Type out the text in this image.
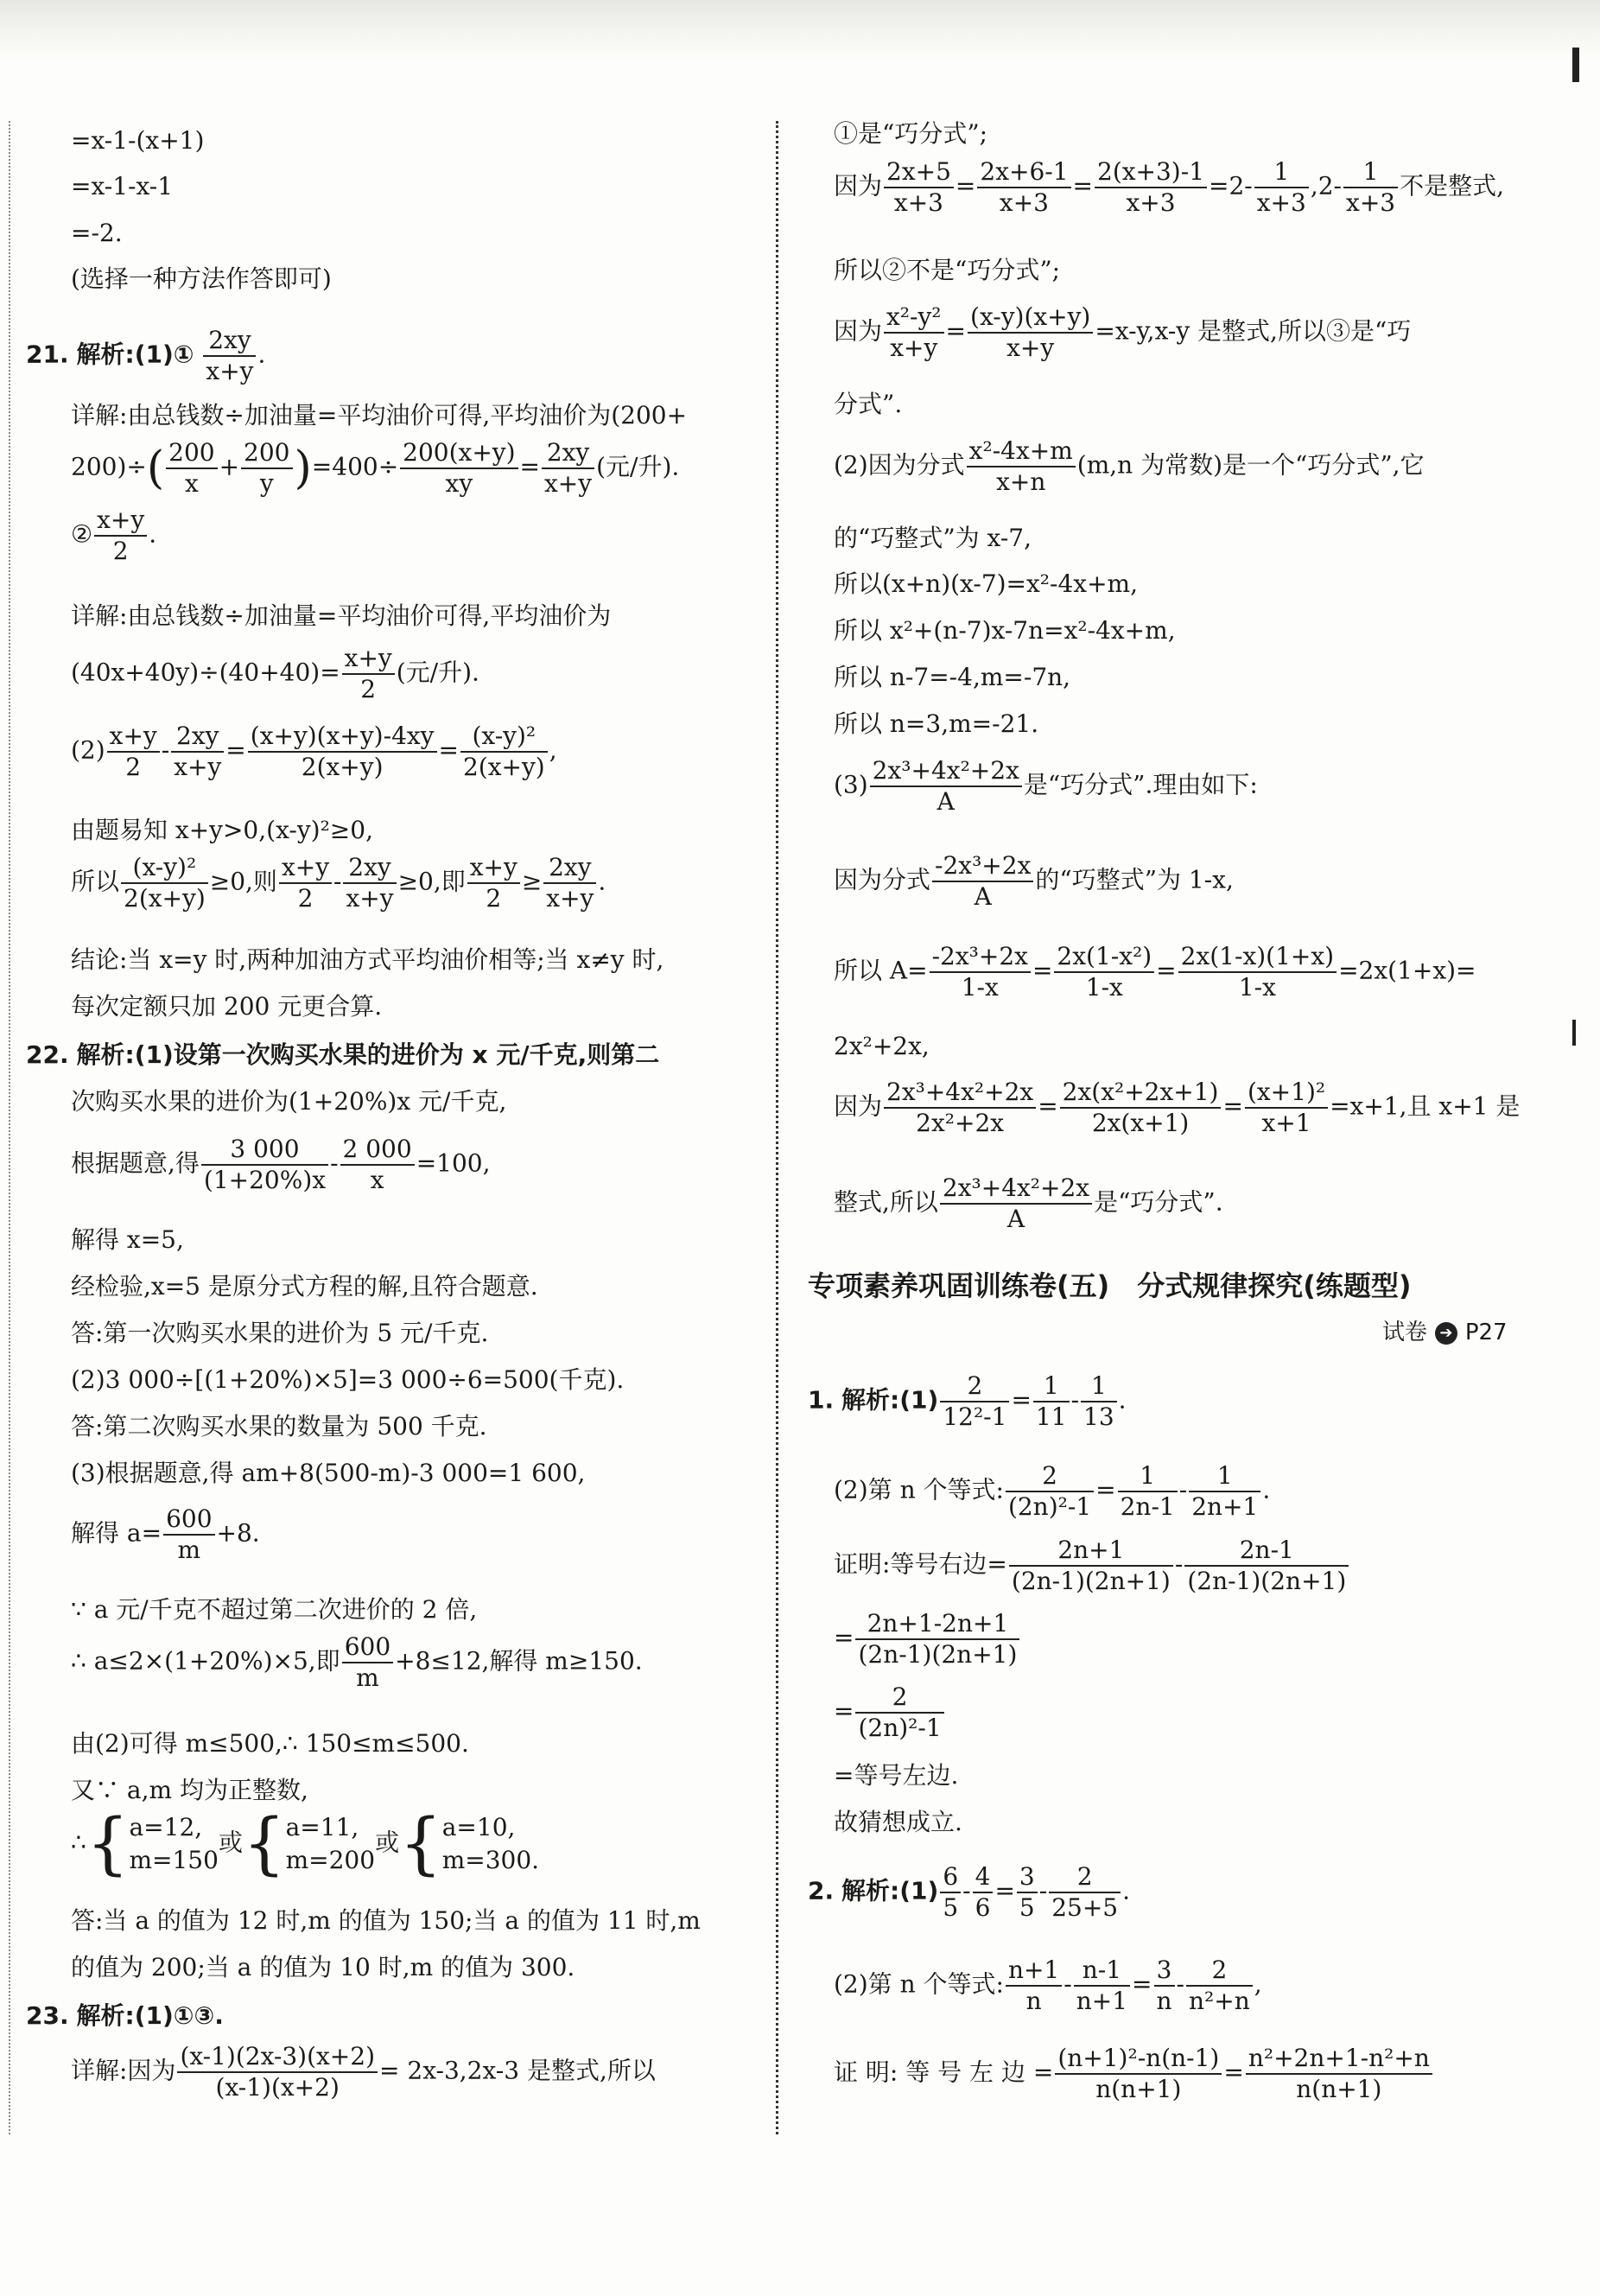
=x-1-(x+1)
=x-1-x-1
=-2.
(选择一种方法作答即可)
21. 解析:(1)① $\frac{2xy}{x+y}$ .
详解:由总钱数÷加油量=平均油价可得,平均油价为(200+
$200)\div( \frac{200}{x} + \frac{200}{y} )=400\div \frac{200(x+y)}{xy} = \frac{2xy}{x+y}$ (元/升).
② $\frac{x+y}{2}$ .
详解:由总钱数÷加油量=平均油价可得,平均油价为
$(40x+40y)\div(40+40)= \frac{x+y}{2}$ (元/升).
$(2) \frac{x+y}{2} - \frac{2xy}{x+y} = \frac{(x+y)(x+y)-4xy}{2(x+y)} = \frac{\text{(x-y)²}}{2(x+y)}$ ,
由题易知 x+y>0,(x-y)²≥0,
所以 $\frac{\text{(x-y)²}}{2(x+y)} \ge 0$,则 $\frac{x+y}{2} - \frac{2xy}{x+y} \ge 0$,即 $\frac{x+y}{2} \ge \frac{2xy}{x+y}$ .
结论:当 x=y 时,两种加油方式平均油价相等;当 x≠y 时,
每次定额只加 200 元更合算.
22. 解析:(1)设第一次购买水果的进价为 x 元/千克,则第二
次购买水果的进价为(1+20%)x 元/千克,
根据题意,得 $\frac{3 000}{(1+20\%)x} - \frac{2 000}{x} =100$,
解得 x=5,
经检验,x=5 是原分式方程的解,且符合题意.
答:第一次购买水果的进价为 5 元/千克.
(2)3 000÷[(1+20%)×5]=3 000÷6=500(千克).
答:第二次购买水果的数量为 500 千克.
(3)根据题意,得 am+8(500-m)-3 000=1 600,
解得 $a= \frac{600}{m} +8$.
∵ a 元/千克不超过第二次进价的 2 倍,
∴ a≤2×(1+20%)×5,即 $\frac{600}{m} +8\le 12$,解得 m≥150.
由(2)可得 m≤500,∴ 150≤m≤500.
又∵ a,m 均为正整数,
∴{ a=12,
m=150
或{ a=11,
m=200
或{ a=10,
m=300.
答:当 a 的值为 12 时,m 的值为 150;当 a 的值为 11 时,m
的值为 200;当 a 的值为 10 时,m 的值为 300.
23. 解析:(1)①③.
详解:因为 $\frac{(x-1)(2x-3)(x+2)}{(x-1)(x+2)} = 2x-3,2x-3$ 是整式,所以
①是“巧分式”;
因为 $\frac{2x+5}{x+3} = \frac{2x+6-1}{x+3} = \frac{2(x+3)-1}{x+3} =2- \frac{1}{x+3} ,2- \frac{1}{x+3}$ 不是整式,
所以②不是“巧分式”;
因为 $\frac{\text{x²-y²}}{x+y} = \frac{(x-y)(x+y)}{x+y} =x-y,x-y$ 是整式,所以③是“巧
分式”.
(2)因为分式 $\frac{\text{x²-4x+m}}{x+n} (m,n$ 为常数)是一个“巧分式”,它
的“巧整式”为 x-7,
所以(x+n)(x-7)=x²-4x+m,
所以 x²+(n-7)x-7n=x²-4x+m,
所以 n-7=-4,m=-7n,
所以 n=3,m=-21.
$(3) \frac{\text{2x³+4x²+2x}}{A}$ 是“巧分式”.理由如下:
因为分式 $\frac{\text{-2x³+2x}}{A}$ 的“巧整式”为 1-x,
所以 $A= \frac{\text{-2x³+2x}}{1-x} = \frac{\text{2x(1-x²)}}{1-x} = \frac{2x(1-x)(1+x)}{1-x} =2x(1+x)=$
2x²+2x,
因为 $\frac{\text{2x³+4x²+2x}}{\text{2x²+2x}} = \frac{\text{2x(x²+2x+1)}}{2x(x+1)} = \frac{\text{(x+1)²}}{x+1} =x+1$,且 x+1 是
整式,所以 $\frac{\text{2x³+4x²+2x}}{A}$ 是“巧分式”.
专项素养巩固训练卷(五)　分式规律探究(练题型)
试卷 ➔ P27
1. 解析:(1) $\frac{2}{\text{12²-1}} = \frac{1}{11} - \frac{1}{13}$ .
(2)第 n 个等式: $\frac{2}{\text{(2n)²-1}} = \frac{1}{2n-1} - \frac{1}{2n+1}$ .
证明:等号右边= $\frac{2n+1}{(2n-1)(2n+1)} - \frac{2n-1}{(2n-1)(2n+1)}$
= $\frac{2n+1-2n+1}{(2n-1)(2n+1)}$
= $\frac{2}{\text{(2n)²-1}}$
=等号左边.
故猜想成立.
2. 解析:(1) $\frac{6}{5} - \frac{4}{6} = \frac{3}{5} - \frac{2}{25+5}$ .
(2)第 n 个等式: $\frac{n+1}{n} - \frac{n-1}{n+1} = \frac{3}{n} - \frac{2}{\text{n²+n}}$ ,
证 明: 等 号 左 边 = $\frac{\text{(n+1)²-n(n-1)}}{n(n+1)} = \frac{\text{n²+2n+1-n²+n}}{n(n+1)}$
